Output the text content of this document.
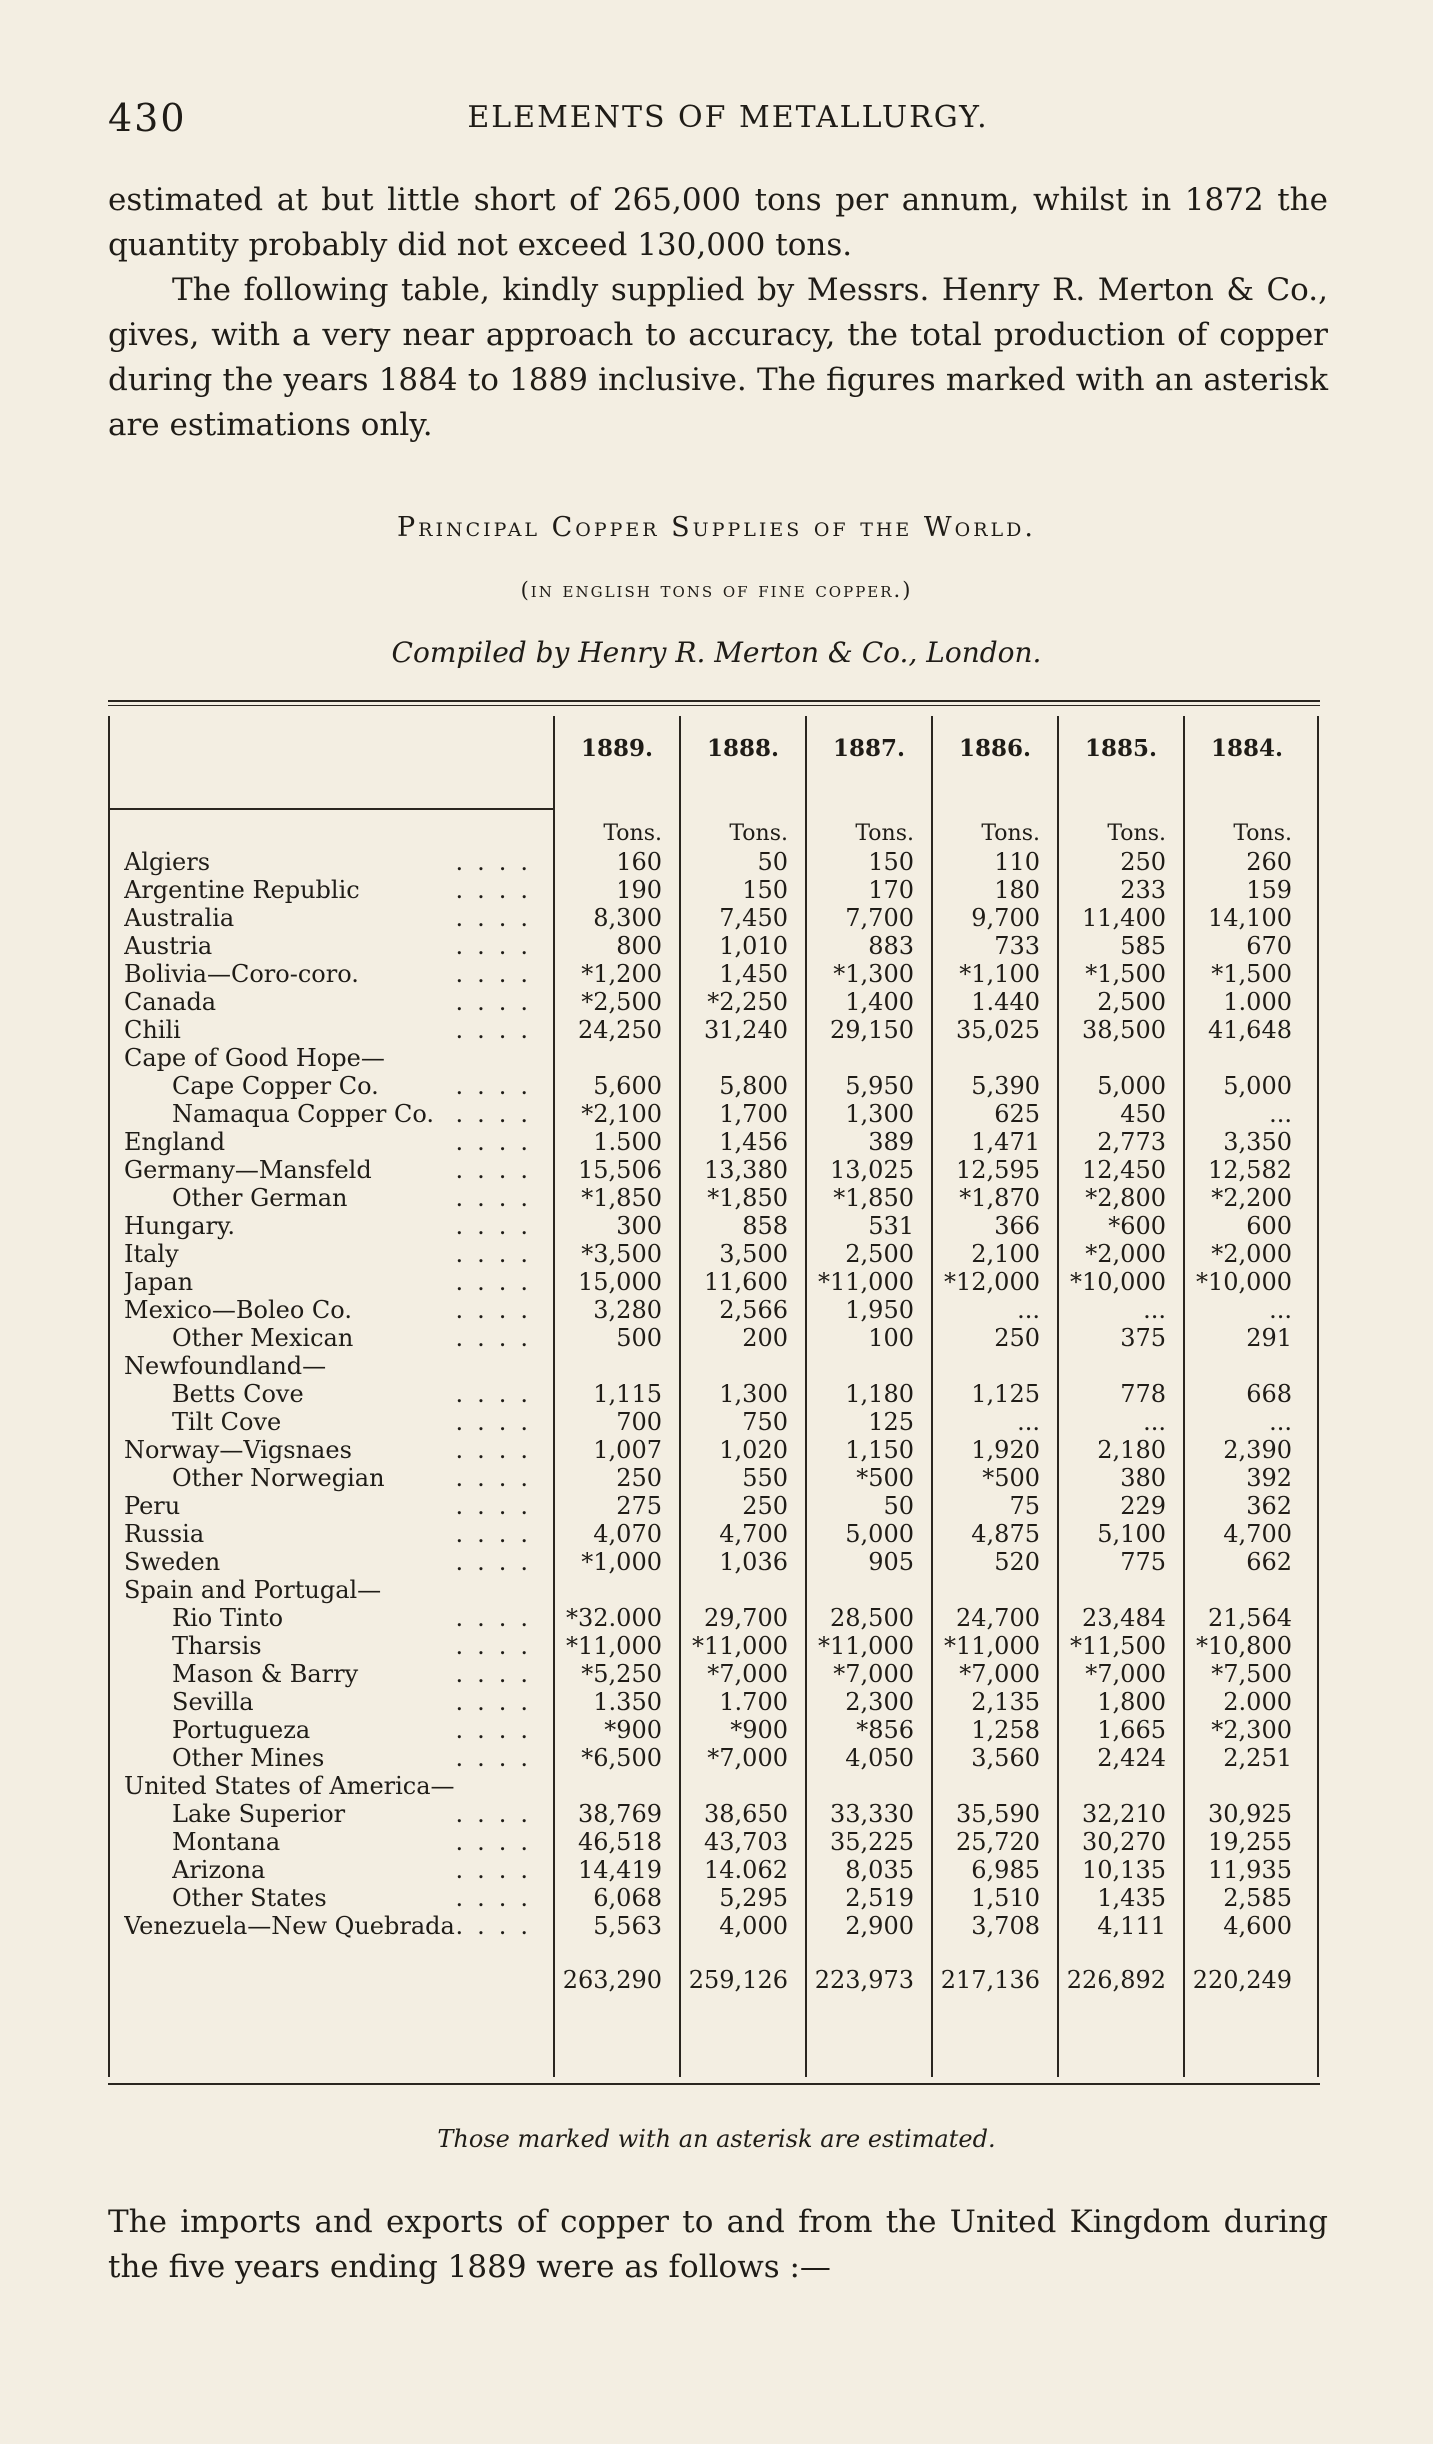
430	ELEMENTS OF METALLURGY.
estimated at but little short of 265,000 tons per annum, whilst in 1872 the quantity probably did not exceed 130,000 tons.
The following table, kindly supplied by Messrs. Henry R. Merton & Co., gives, with a very near approach to accuracy, the total production of copper during the years 1884 to 1889 inclusive. The figures marked with an asterisk are estimations only.
Principal Copper Supplies of the World.
(in english tons of fine copper.)
Compiled by Henry R. Merton & Co., London.
1889.	1888.	1887.	1886.	1885.	1884.
Tons.	Tons.	Tons.	Tons.	Tons.	Tons.
Algiers	....	160	50	150	110	250	260
Argentine Republic	....	190	150	170	180	233	159
Australia	....	8,300	7,450	7,700	9,700	11,400	14,100
Austria	....	800	1,010	883	733	585	670
Bolivia—Coro-coro.	....	*1,200	1,450	*1,300	*1,100	*1,500	*1,500
Canada	....	*2,500	*2,250	1,400	1.440	2,500	1.000
Chili	....	24,250	31,240	29,150	35,025	38,500	41,648
Cape of Good Hope—
Cape Copper Co.	....	5,600	5,800	5,950	5,390	5,000	5,000
Namaqua Copper Co. ....	*2,100	1,700	1,300	625	450	...
England	....	1.500	1,456	389	1,471	2,773	3,350
Germany—Mansfeld	....	15,506	13,380	13,025	12,595	12,450	12,582
Other German	....	*1,850	*1,850	*1,850	*1,870	*2,800	*2,200
Hungary.	....	300	858	531	366	*600	600
Italy	....	*3,500	3,500	2,500	2,100	*2,000	*2,000
Japan	....	15,000	11,600	*11,000	*12,000	*10,000	*10,000
Mexico—Boleo Co.	....	3,280	2,566	1,950	...	...	...
Other Mexican	....	500	200	100	250	375	291
Newfoundland—
Betts Cove	....	1,115	1,300	1,180	1,125	778	668
Tilt Cove	....	700	750	125	...	...	...
Norway—Vigsnaes	....	1,007	1,020	1,150	1,920	2,180	2,390
Other Norwegian	....	250	550	*500	*500	380	392
Peru	....	275	250	50	75	229	362
Russia	....	4,070	4,700	5,000	4,875	5,100	4,700
Sweden	....	*1,000	1,036	905	520	775	662
Spain and Portugal—
Rio Tinto	....	*32.000	29,700	28,500	24,700	23,484	21,564
Tharsis	....	*11,000	*11,000	*11,000	*11,000	*11,500	*10,800
Mason & Barry	....	*5,250	*7,000	*7,000	*7,000	*7,000	*7,500
Sevilla	....	1.350	1.700	2,300	2,135	1,800	2.000
Portugueza	....	*900	*900	*856	1,258	1,665	*2,300
Other Mines	....	*6,500	*7,000	4,050	3,560	2,424	2,251
United States of America—
Lake Superior	....	38,769	38,650	33,330	35,590	32,210	30,925
Montana	....	46,518	43,703	35,225	25,720	30,270	19,255
Arizona	....	14,419	14.062	8,035	6,985	10,135	11,935
Other States	....	6,068	5,295	2,519	1,510	1,435	2,585
Venezuela—New Quebrada ....	5,563	4,000	2,900	3,708	4,111	4,600
263,290	259,126	223,973	217,136	226,892	220,249
Those marked with an asterisk are estimated.
The imports and exports of copper to and from the United Kingdom during the five years ending 1889 were as follows :—
